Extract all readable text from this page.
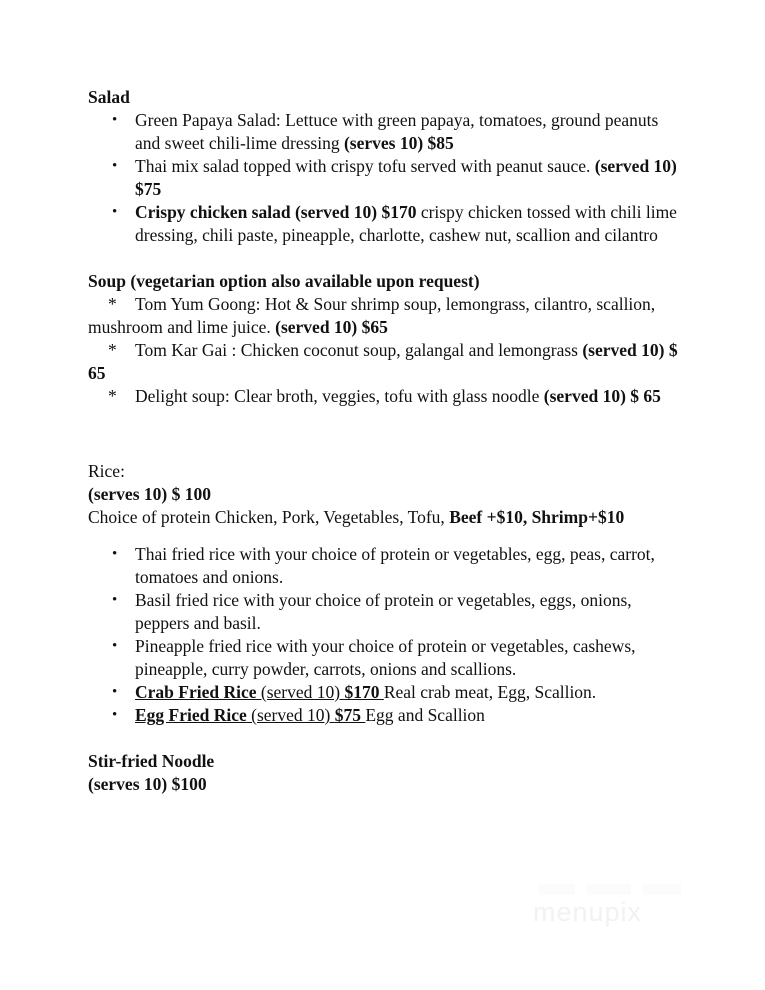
Salad
• Green Papaya Salad: Lettuce with green papaya, tomatoes, ground peanuts and sweet chili-lime dressing (serves 10) $85
• Thai mix salad topped with crispy tofu served with peanut sauce. (served 10) $75
• Crispy chicken salad (served 10) $170 crispy chicken tossed with chili lime dressing, chili paste, pineapple, charlotte, cashew nut, scallion and cilantro
Soup (vegetarian option also available upon request)
* Tom Yum Goong: Hot & Sour shrimp soup, lemongrass, cilantro, scallion, mushroom and lime juice. (served 10) $65
* Tom Kar Gai : Chicken coconut soup, galangal and lemongrass (served 10) $ 65
* Delight soup: Clear broth, veggies, tofu with glass noodle (served 10) $ 65
Rice:
(serves 10) $ 100
Choice of protein Chicken, Pork, Vegetables, Tofu, Beef +$10, Shrimp+$10
• Thai fried rice with your choice of protein or vegetables, egg, peas, carrot, tomatoes and onions.
• Basil fried rice with your choice of protein or vegetables, eggs, onions, peppers and basil.
• Pineapple fried rice with your choice of protein or vegetables, cashews, pineapple, curry powder, carrots, onions and scallions.
• Crab Fried Rice (served 10) $170 Real crab meat, Egg, Scallion.
• Egg Fried Rice (served 10) $75 Egg and Scallion
Stir-fried Noodle
(serves 10) $100
menupix
